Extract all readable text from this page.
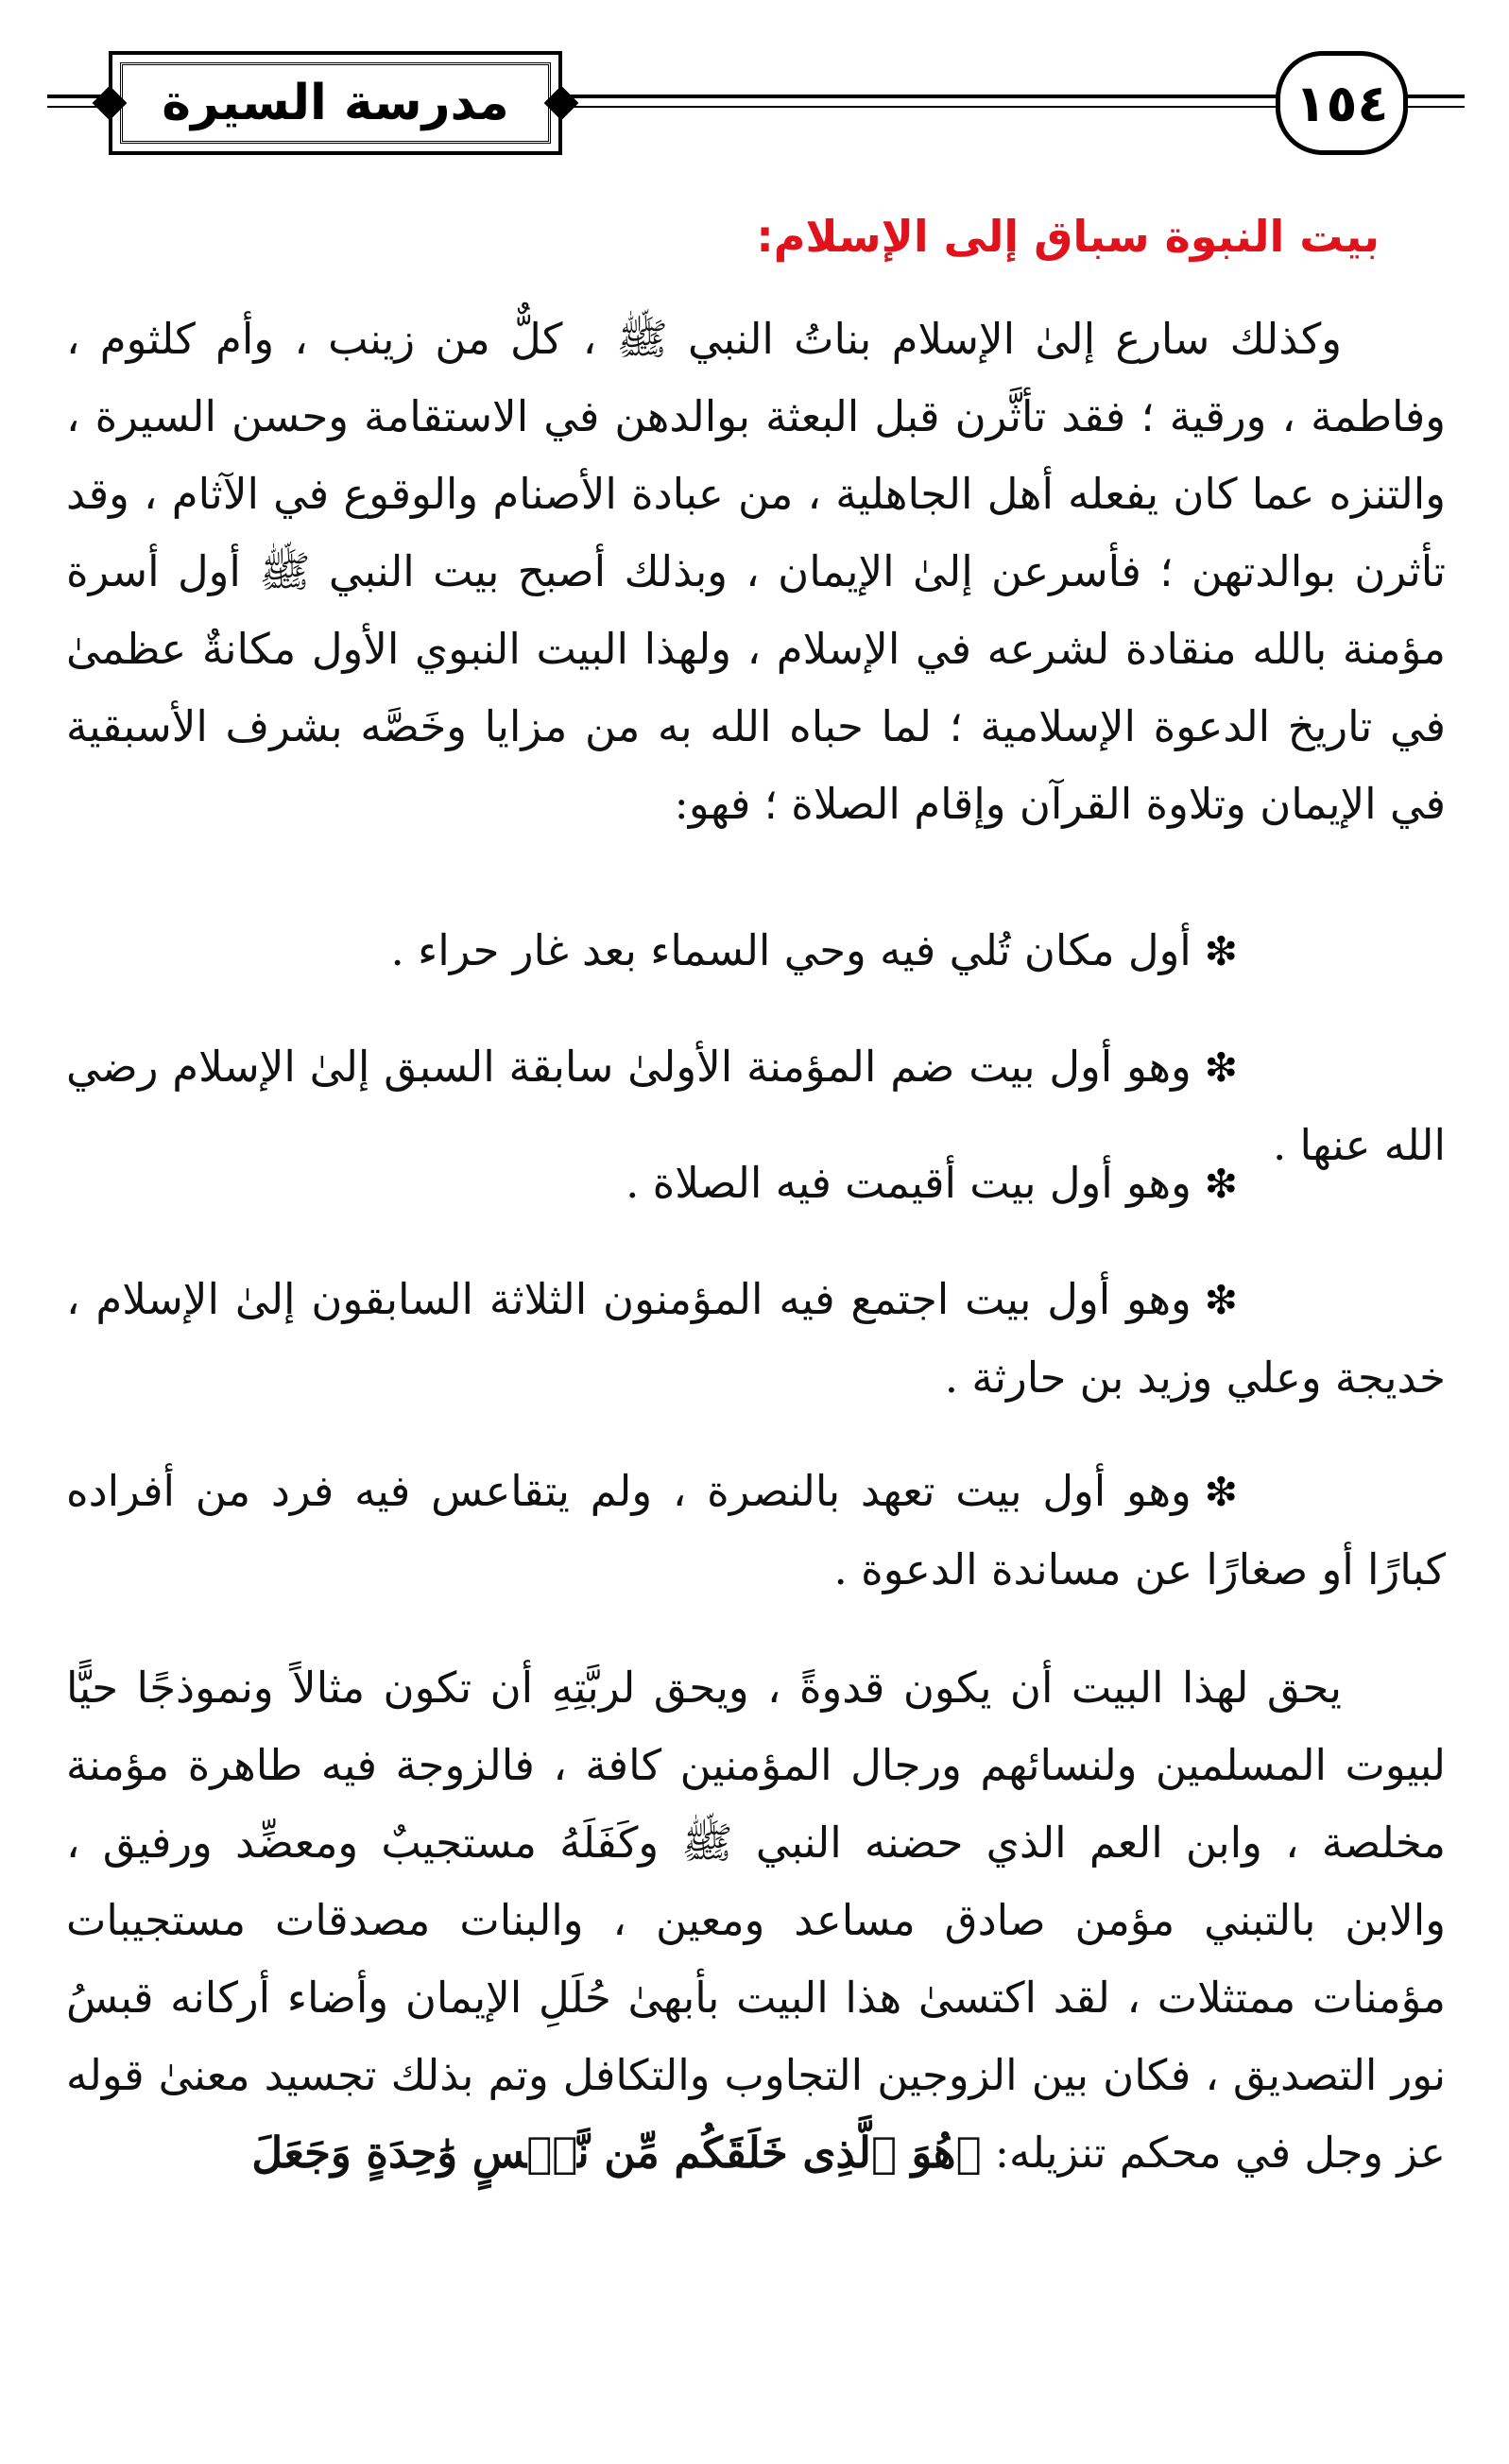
مدرسة السيرة	١٥٤
بيت النبوة سباق إلى الإسلام:

وكذلك سارع إلىٰ الإسلام بناتُ النبي ﷺ ، كلٌّ من زينب ، وأم كلثوم ، وفاطمة ، ورقية ؛ فقد تأثَّرن قبل البعثة بوالدهن في الاستقامة وحسن السيرة ، والتنزه عما كان يفعله أهل الجاهلية ، من عبادة الأصنام والوقوع في الآثام ، وقد تأثرن بوالدتهن ؛ فأسرعن إلىٰ الإيمان ، وبذلك أصبح بيت النبي ﷺ أول أسرة مؤمنة بالله منقادة لشرعه في الإسلام ، ولهذا البيت النبوي الأول مكانةٌ عظمىٰ في تاريخ الدعوة الإسلامية ؛ لما حباه الله به من مزايا وخَصَّه بشرف الأسبقية في الإيمان وتلاوة القرآن وإقام الصلاة ؛ فهو:

❇أول مكان تُلي فيه وحي السماء بعد غار حراء .

❇وهو أول بيت ضم المؤمنة الأولىٰ سابقة السبق إلىٰ الإسلام رضي الله عنها .

❇وهو أول بيت أقيمت فيه الصلاة .

❇وهو أول بيت اجتمع فيه المؤمنون الثلاثة السابقون إلىٰ الإسلام ، خديجة وعلي وزيد بن حارثة .

❇وهو أول بيت تعهد بالنصرة ، ولم يتقاعس فيه فرد من أفراده كبارًا أو صغارًا عن مساندة الدعوة .

يحق لهذا البيت أن يكون قدوةً ، ويحق لربَّتِهِ أن تكون مثالاً ونموذجًا حيًّا لبيوت المسلمين ولنسائهم ورجال المؤمنين كافة ، فالزوجة فيه طاهرة مؤمنة مخلصة ، وابن العم الذي حضنه النبي ﷺ وكَفَلَهُ مستجيبٌ ومعضِّد ورفيق ، والابن بالتبني مؤمن صادق مساعد ومعين ، والبنات مصدقات مستجيبات مؤمنات ممتثلات ، لقد اكتسىٰ هذا البيت بأبهىٰ حُلَلِ الإيمان وأضاء أركانه قبسُ نور التصديق ، فكان بين الزوجين التجاوب والتكافل وتم بذلك تجسيد معنىٰ قوله عز وجل في محكم تنزيله: ﴿هُوَ ٱلَّذِى خَلَقَكُم مِّن نَّفۡسٍ وَٰحِدَةٍ وَجَعَلَ
